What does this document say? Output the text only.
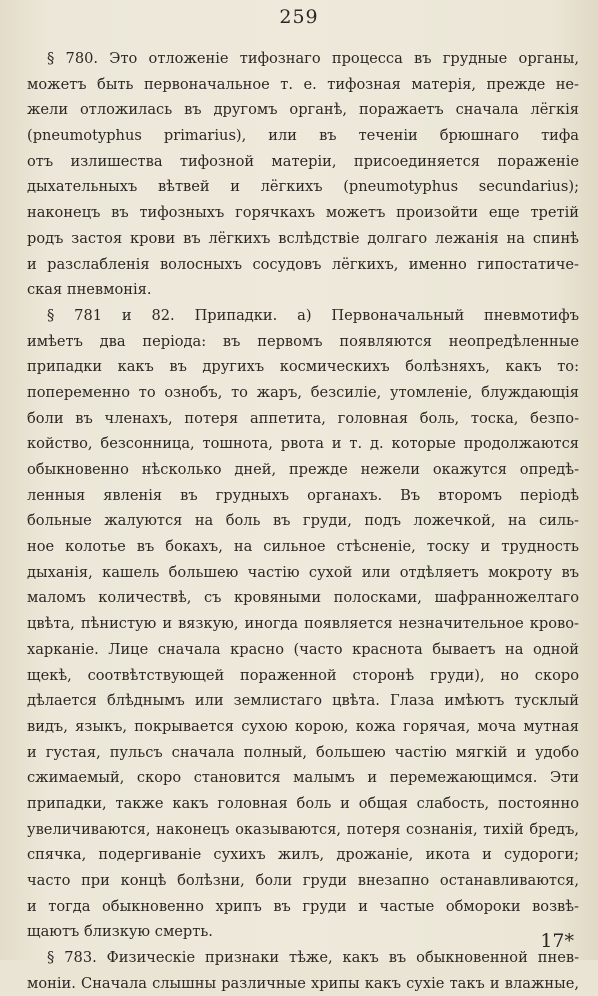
259
§ 780. Это отложеніе тифознаго процесса въ грудные органы,
можетъ быть первоначальное т. е. тифозная матерія, прежде не-
жели отложилась въ другомъ органѣ, поражаетъ сначала лёгкія
(pneumotyphus primarius), или въ теченіи брюшнаго тифа
отъ излишества тифозной матеріи, присоединяется пораженіе
дыхательныхъ вѣтвей и лёгкихъ (pneumotyphus secundarius);
наконецъ въ тифозныхъ горячкахъ можетъ произойти еще третій
родъ застоя крови въ лёгкихъ вслѣдствіе долгаго лежанія на спинѣ
и разслабленія волосныхъ сосудовъ лёгкихъ, именно гипостатиче-
ская пневмонія.
§ 781 и 82. Припадки. а) Первоначальный пневмотифъ
имѣетъ два періода: въ первомъ появляются неопредѣленные
припадки какъ въ другихъ космическихъ болѣзняхъ, какъ то:
попеременно то ознобъ, то жаръ, безсиліе, утомленіе, блуждающія
боли въ членахъ, потеря аппетита, головная боль, тоска, безпо-
койство, безсонница, тошнота, рвота и т. д. которые продолжаются
обыкновенно нѣсколько дней, прежде нежели окажутся опредѣ-
ленныя явленія въ грудныхъ органахъ. Въ второмъ періодѣ
больные жалуются на боль въ груди, подъ ложечкой, на силь-
ное колотье въ бокахъ, на сильное стѣсненіе, тоску и трудность
дыханія, кашель большею частію сухой или отдѣляетъ мокроту въ
маломъ количествѣ, съ кровяными полосками, шафранножелтаго
цвѣта, пѣнистую и вязкую, иногда появляется незначительное крово-
харканіе. Лице сначала красно (часто краснота бываетъ на одной
щекѣ, соотвѣтствующей пораженной сторонѣ груди), но скоро
дѣлается блѣднымъ или землистаго цвѣта. Глаза имѣютъ тусклый
видъ, языкъ, покрывается сухою корою, кожа горячая, моча мутная
и густая, пульсъ сначала полный, большею частію мягкій и удобо
сжимаемый, скоро становится малымъ и перемежающимся. Эти
припадки, также какъ головная боль и общая слабость, постоянно
увеличиваются, наконецъ оказываются, потеря сознанія, тихій бредъ,
спячка, подергиваніе сухихъ жилъ, дрожаніе, икота и судороги;
часто при концѣ болѣзни, боли груди внезапно останавливаются,
и тогда обыкновенно хрипъ въ груди и частые обмороки возвѣ-
щаютъ близкую смерть.
§ 783. Физическіе признаки тѣже, какъ въ обыкновенной пнев-
моніи. Сначала слышны различные хрипы какъ сухіе такъ и влажные,
17*
